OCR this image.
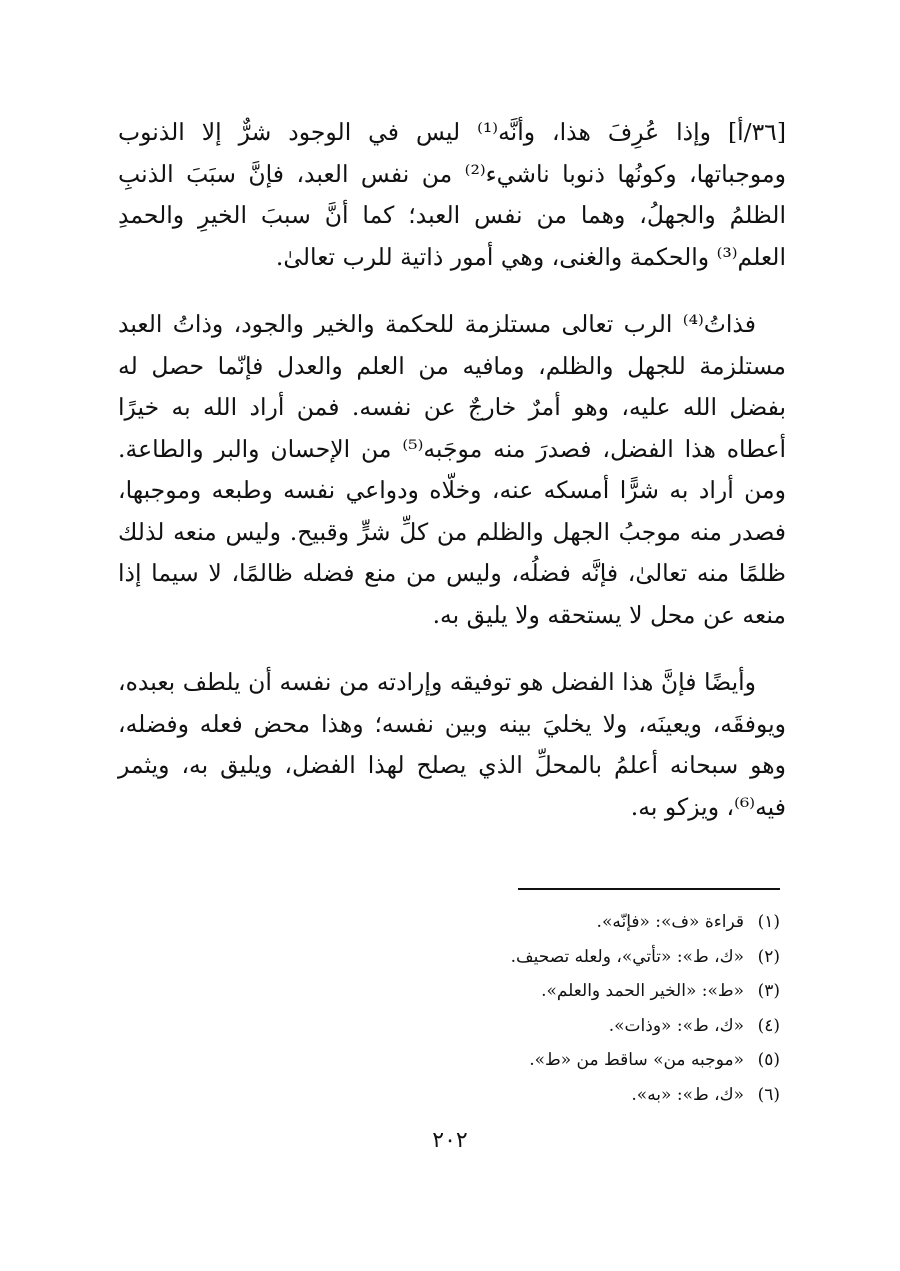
[٣٦/أ] وإذا عُرِفَ هذا، وأنَّه⁽¹⁾ ليس في الوجود شرٌّ إلا الذنوب وموجباتها، وكونُها ذنوبا ناشيء⁽²⁾ من نفس العبد، فإنَّ سبَبَ الذنبِ الظلمُ والجهلُ، وهما من نفس العبد؛ كما أنَّ سببَ الخيرِ والحمدِ العلم⁽³⁾ والحكمة والغنى، وهي أمور ذاتية للرب تعالىٰ.

فذاتُ⁽⁴⁾ الرب تعالى مستلزمة للحكمة والخير والجود، وذاتُ العبد مستلزمة للجهل والظلم، ومافيه من العلم والعدل فإنّما حصل له بفضل الله عليه، وهو أمرٌ خارجٌ عن نفسه. فمن أراد الله به خيرًا أعطاه هذا الفضل، فصدرَ منه موجَبه⁽⁵⁾ من الإحسان والبر والطاعة. ومن أراد به شرًّا أمسكه عنه، وخلّاه ودواعي نفسه وطبعه وموجبها، فصدر منه موجبُ الجهل والظلم من كلِّ شرٍّ وقبيح. وليس منعه لذلك ظلمًا منه تعالىٰ، فإنَّه فضلُه، وليس من منع فضله ظالمًا، لا سيما إذا منعه عن محل لا يستحقه ولا يليق به.

وأيضًا فإنَّ هذا الفضل هو توفيقه وإرادته من نفسه أن يلطف بعبده، ويوفقَه، ويعينَه، ولا يخليَ بينه وبين نفسه؛ وهذا محض فعله وفضله، وهو سبحانه أعلمُ بالمحلِّ الذي يصلح لهذا الفضل، ويليق به، ويثمر فيه⁽⁶⁾، ويزكو به.

(١)
قراءة «ف»: «فإنّه».
(٢)
«ك، ط»: «تأتي»، ولعله تصحيف.
(٣)
«ط»: «الخير الحمد والعلم».
(٤)
«ك، ط»: «وذات».
(٥)
«موجبه من» ساقط من «ط».
(٦)
«ك، ط»: «به».
٢٠٢
